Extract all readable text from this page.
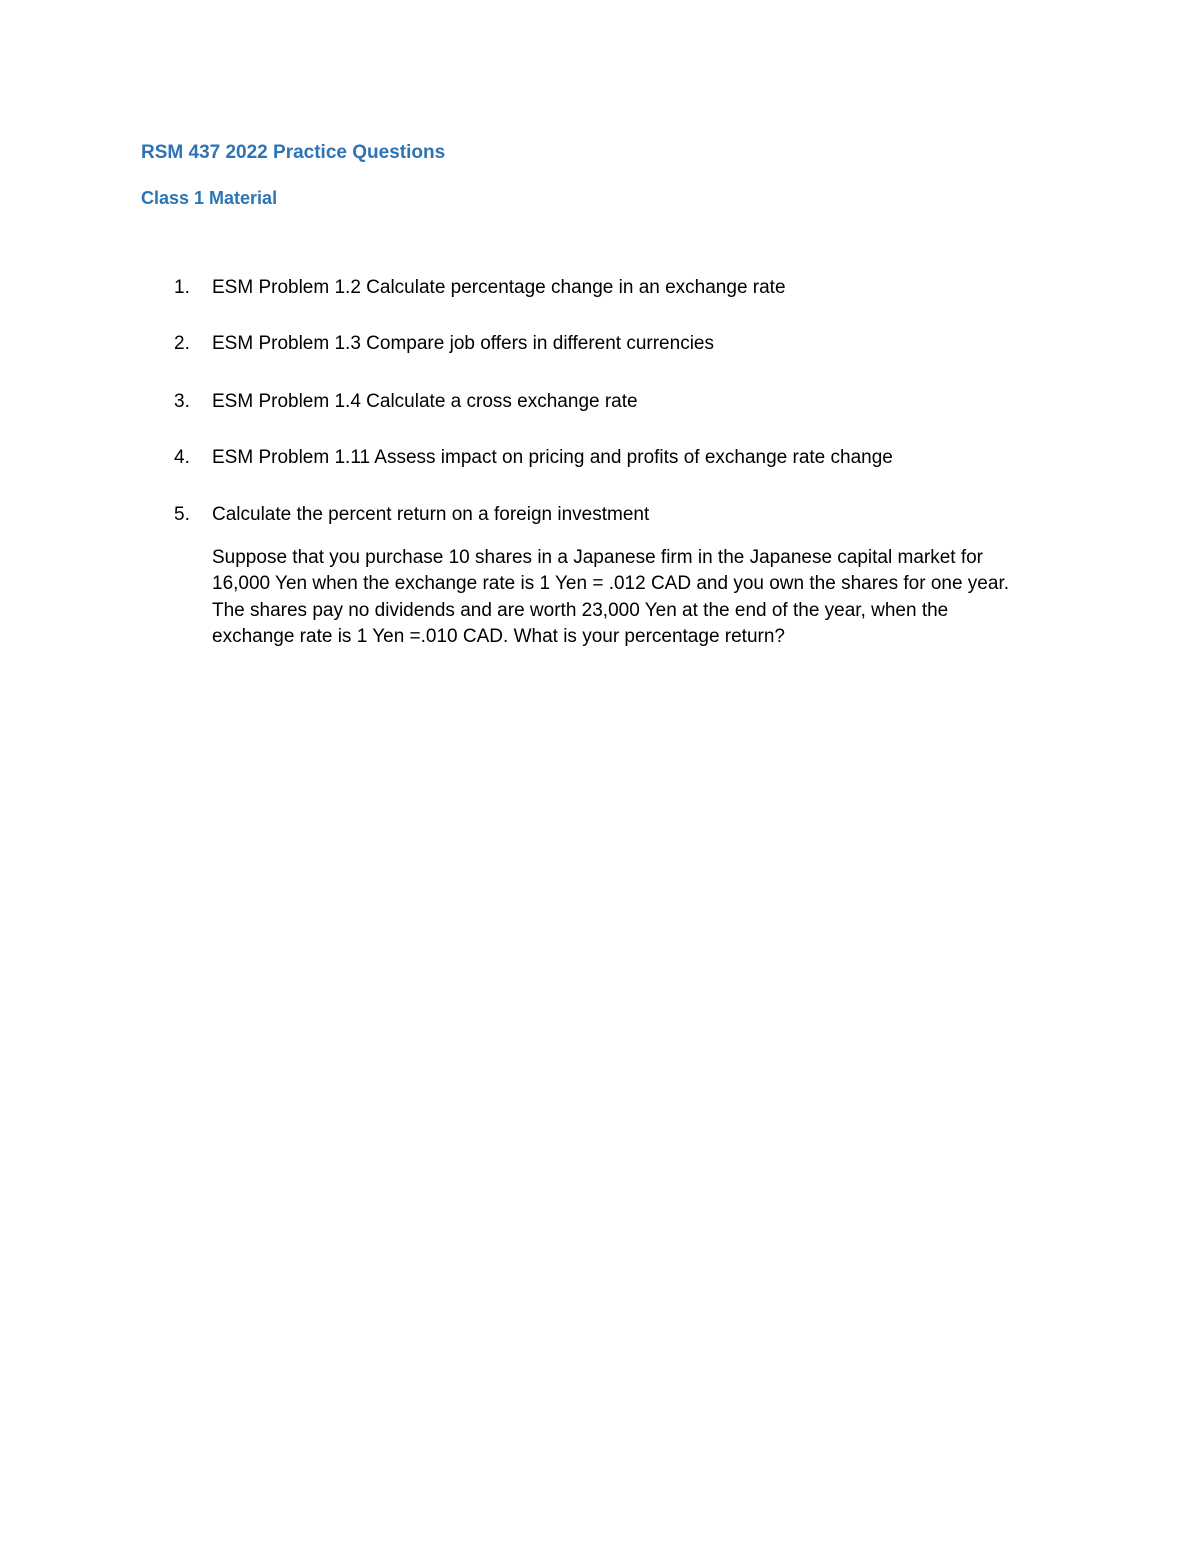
RSM 437 2022 Practice Questions
Class 1 Material
1. ESM Problem 1.2 Calculate percentage change in an exchange rate
2. ESM Problem 1.3 Compare job offers in different currencies
3. ESM Problem 1.4 Calculate a cross exchange rate
4. ESM Problem 1.11 Assess impact on pricing and profits of exchange rate change
5. Calculate the percent return on a foreign investment
Suppose that you purchase 10 shares in a Japanese firm in the Japanese capital market for
16,000 Yen when the exchange rate is 1 Yen = .012 CAD and you own the shares for one year.
The shares pay no dividends and are worth 23,000 Yen at the end of the year, when the
exchange rate is 1 Yen =.010 CAD. What is your percentage return?
